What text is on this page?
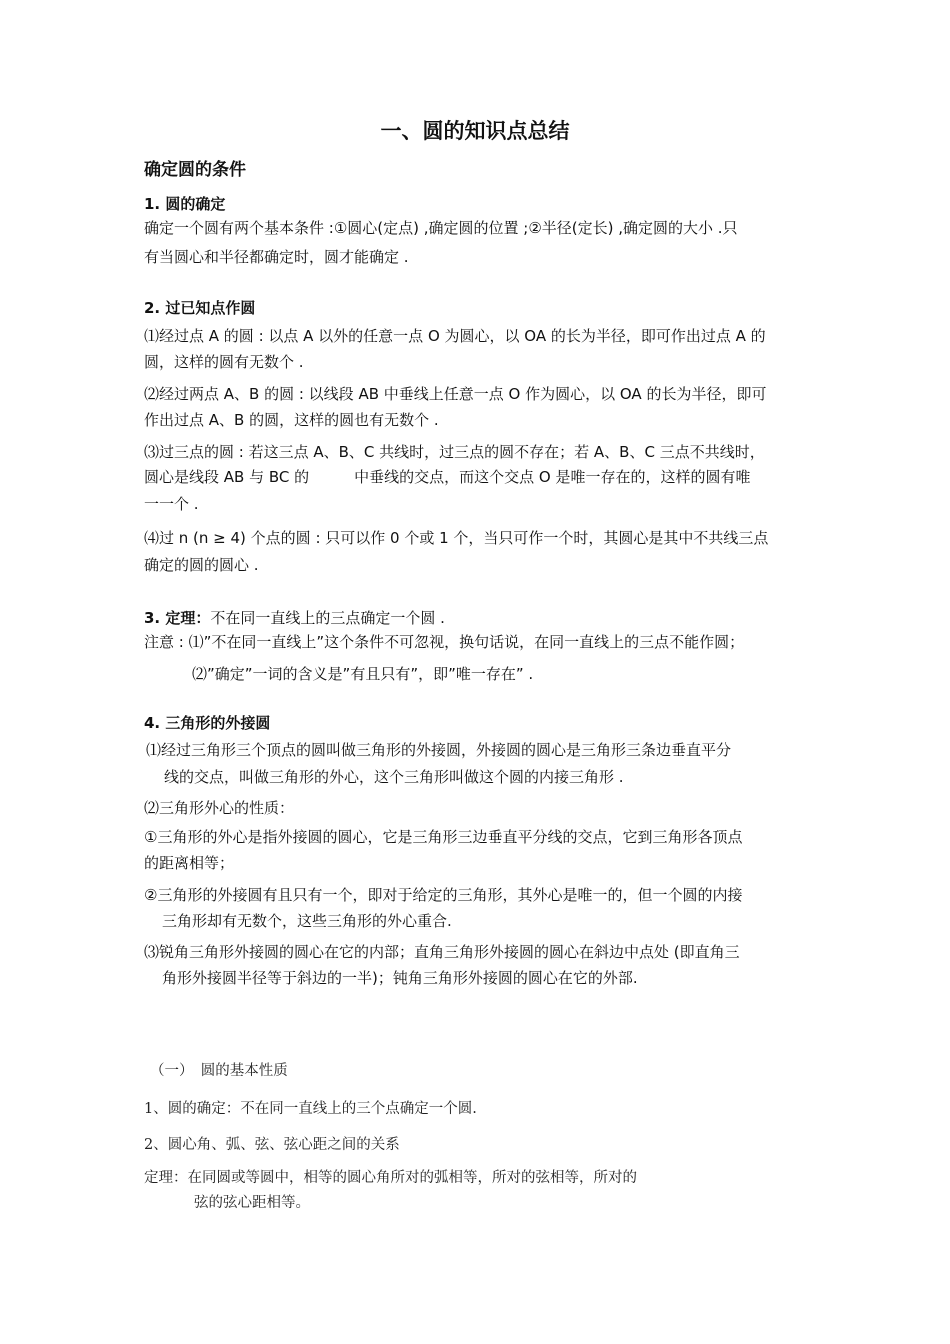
一、圆的知识点总结
确定圆的条件
1. 圆的确定
确定一个圆有两个基本条件 :①圆心(定点) ,确定圆的位置 ;②半径(定长) ,确定圆的大小 .只
有当圆心和半径都确定时，圆才能确定 .
2. 过已知点作圆
⑴经过点 A 的圆 : 以点 A 以外的任意一点 O 为圆心，以 OA 的长为半径，即可作出过点 A 的
圆，这样的圆有无数个 .
⑵经过两点 A、B 的圆 : 以线段 AB 中垂线上任意一点 O 作为圆心，以 OA 的长为半径，即可
作出过点 A、B 的圆，这样的圆也有无数个 .
⑶过三点的圆 : 若这三点 A、B、C 共线时，过三点的圆不存在；若 A、B、C 三点不共线时，
圆心是线段 AB 与 BC 的　　　中垂线的交点，而这个交点 O 是唯一存在的，这样的圆有唯
一一个 .
⑷过 n (n ≥ 4) 个点的圆 : 只可以作 0 个或 1 个，当只可作一个时，其圆心是其中不共线三点
确定的圆的圆心 .
3. 定理：不在同一直线上的三点确定一个圆 .
注意 : ⑴”不在同一直线上”这个条件不可忽视，换句话说，在同一直线上的三点不能作圆；
⑵”确定”一词的含义是”有且只有”，即”唯一存在” .
4. 三角形的外接圆
⑴经过三角形三个顶点的圆叫做三角形的外接圆，外接圆的圆心是三角形三条边垂直平分
线的交点，叫做三角形的外心，这个三角形叫做这个圆的内接三角形 .
⑵三角形外心的性质：
①三角形的外心是指外接圆的圆心，它是三角形三边垂直平分线的交点，它到三角形各顶点
的距离相等；
②三角形的外接圆有且只有一个，即对于给定的三角形，其外心是唯一的，但一个圆的内接
三角形却有无数个，这些三角形的外心重合.
⑶锐角三角形外接圆的圆心在它的内部；直角三角形外接圆的圆心在斜边中点处 (即直角三
角形外接圆半径等于斜边的一半)；钝角三角形外接圆的圆心在它的外部.
（一）　圆的基本性质
1、圆的确定：不在同一直线上的三个点确定一个圆.
2、圆心角、弧、弦、弦心距之间的关系
定理：在同圆或等圆中，相等的圆心角所对的弧相等，所对的弦相等，所对的
弦的弦心距相等。
